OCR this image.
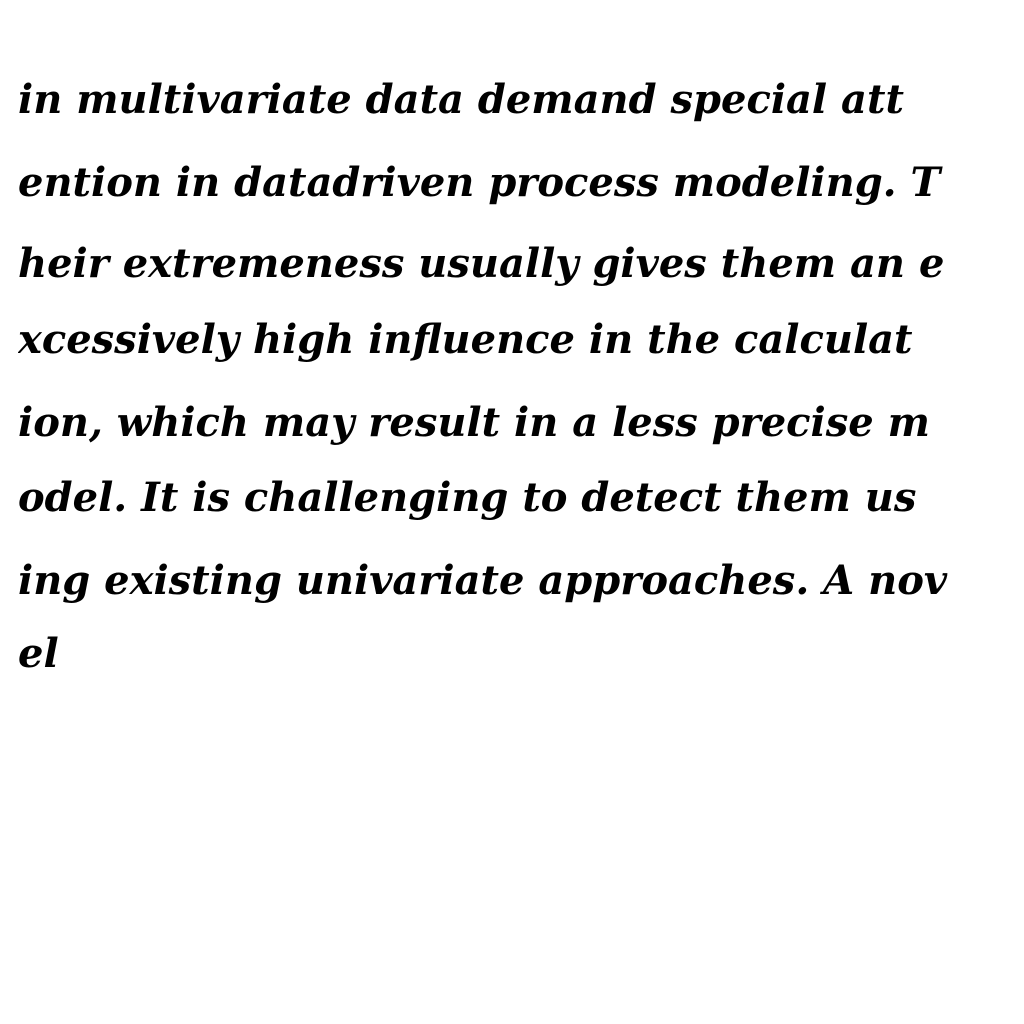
in multivariate data demand special att
ention in datadriven process modeling. T
heir extremeness usually gives them an e
xcessively high influence in the calculat
ion, which may result in a less precise m
odel. It is challenging to detect them us
ing existing univariate approaches. A nov
el
